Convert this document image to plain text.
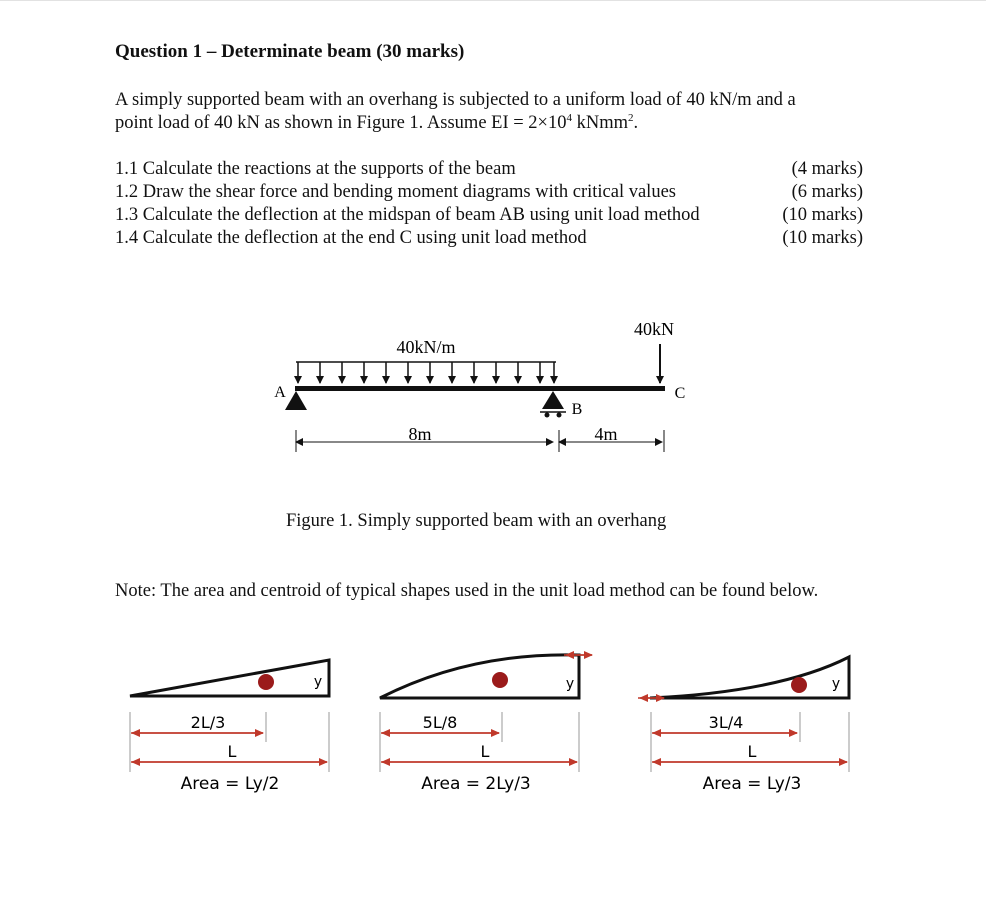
Question 1 – Determinate beam (30 marks)
A simply supported beam with an overhang is subjected to a uniform load of 40 kN/m and a
point load of 40 kN as shown in Figure 1. Assume EI = $2\times 10^4$ kNmm$^2$.
1.1 Calculate the reactions at the supports of the beam	(4 marks)
1.2 Draw the shear force and bending moment diagrams with critical values	(6 marks)
1.3 Calculate the deflection at the midspan of beam AB using unit load method	(10 marks)
1.4 Calculate the deflection at the end C using unit load method	(10 marks)
40kN/m
40kN
A
B
C
8m	4m
y
2L/3
L
Area = Ly/2
y
5L/8
L
Area = 2Ly/3
y
3L/4
L
Area = Ly/3
Figure 1. Simply supported beam with an overhang
Note: The area and centroid of typical shapes used in the unit load method can be found below.
